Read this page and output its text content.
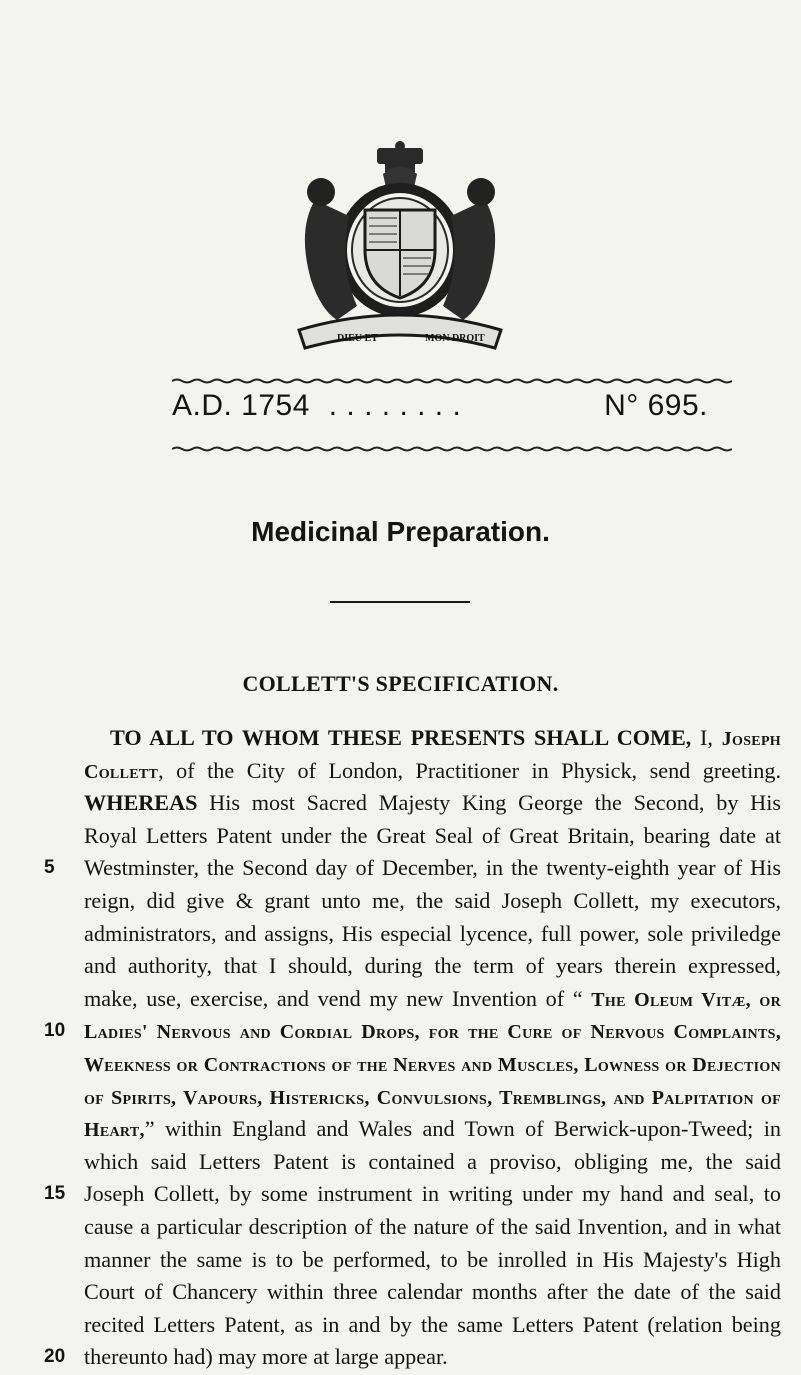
DIEU ET	MON DROIT
A.D. 1754 . . . . . . . .	N° 695.
Medicinal Preparation.
COLLETT'S SPECIFICATION.
TO ALL TO WHOM THESE PRESENTS SHALL COME, I, Joseph
Collett, of the City of London, Practitioner in Physick, send greeting.
WHEREAS His most Sacred Majesty King George the Second, by His
Royal Letters Patent under the Great Seal of Great Britain, bearing date at
5	Westminster, the Second day of December, in the twenty-eighth year of His
reign, did give & grant unto me, the said Joseph Collett, my executors,
administrators, and assigns, His especial lycence, full power, sole priviledge
and authority, that I should, during the term of years therein expressed,
make, use, exercise, and vend my new Invention of “ The Oleum Vitæ, or
10 Ladies' Nervous and Cordial Drops, for the Cure of Nervous Complaints,
Weekness or Contractions of the Nerves and Muscles, Lowness or Dejection
of Spirits, Vapours, Histericks, Convulsions, Tremblings, and Palpitation of
Heart,” within England and Wales and Town of Berwick-upon-Tweed; in
which said Letters Patent is contained a proviso, obliging me, the said
15 Joseph Collett, by some instrument in writing under my hand and seal, to
cause a particular description of the nature of the said Invention, and in what
manner the same is to be performed, to be inrolled in His Majesty's High
Court of Chancery within three calendar months after the date of the said
recited Letters Patent, as in and by the same Letters Patent (relation being
20 thereunto had) may more at large appear.
